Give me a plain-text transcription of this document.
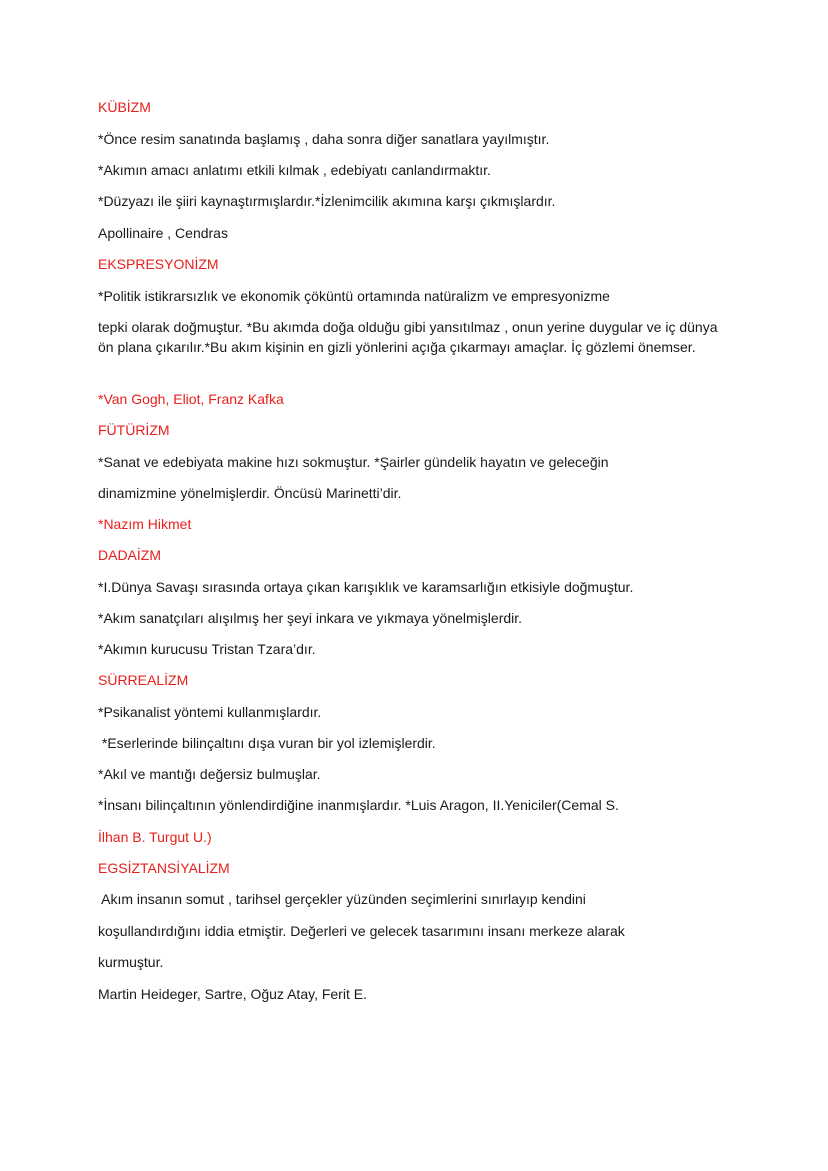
KÜBİZM
*Önce resim sanatında başlamış , daha sonra diğer sanatlara yayılmıştır.
*Akımın amacı anlatımı etkili kılmak , edebiyatı canlandırmaktır.
*Düzyazı ile şiiri kaynaştırmışlardır.*İzlenimcilik akımına karşı çıkmışlardır.
Apollinaire , Cendras
EKSPRESYONİZM
*Politik istikrarsızlık ve ekonomik çöküntü ortamında natüralizm ve empresyonizme
tepki olarak doğmuştur. *Bu akımda doğa olduğu gibi yansıtılmaz , onun yerine duygular ve iç dünya ön plana çıkarılır.*Bu akım kişinin en gizli yönlerini açığa çıkarmayı amaçlar. İç gözlemi önemser.
*Van Gogh, Eliot, Franz Kafka
FÜTÜRİZM
*Sanat ve edebiyata makine hızı sokmuştur. *Şairler gündelik hayatın ve geleceğin
dinamizmine yönelmişlerdir. Öncüsü Marinetti’dir.
*Nazım Hikmet
DADAİZM
*I.Dünya Savaşı sırasında ortaya çıkan karışıklık ve karamsarlığın etkisiyle doğmuştur.
*Akım sanatçıları alışılmış her şeyi inkara ve yıkmaya yönelmişlerdir.
*Akımın kurucusu Tristan Tzara’dır.
SÜRREALİZM
*Psikanalist yöntemi kullanmışlardır.
*Eserlerinde bilinçaltını dışa vuran bir yol izlemişlerdir.
*Akıl ve mantığı değersiz bulmuşlar.
*İnsanı bilinçaltının yönlendirdiğine inanmışlardır. *Luis Aragon, II.Yeniciler(Cemal S.
İlhan B. Turgut U.)
EGSİZTANSİYALİZM
Akım insanın somut , tarihsel gerçekler yüzünden seçimlerini sınırlayıp kendini
koşullandırdığını iddia etmiştir. Değerleri ve gelecek tasarımını insanı merkeze alarak
kurmuştur.
Martin Heideger, Sartre, Oğuz Atay, Ferit E.
